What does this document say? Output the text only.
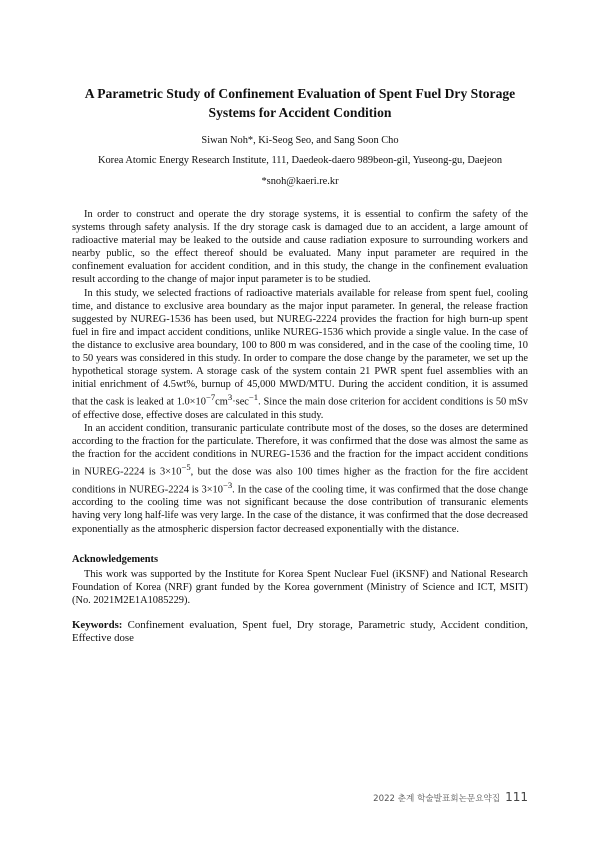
A Parametric Study of Confinement Evaluation of Spent Fuel Dry Storage Systems for Accident Condition
Siwan Noh*, Ki-Seog Seo, and Sang Soon Cho
Korea Atomic Energy Research Institute, 111, Daedeok-daero 989beon-gil, Yuseong-gu, Daejeon
*snoh@kaeri.re.kr

In order to construct and operate the dry storage systems, it is essential to confirm the safety of the systems through safety analysis. If the dry storage cask is damaged due to an accident, a large amount of radioactive material may be leaked to the outside and cause radiation exposure to surrounding workers and nearby public, so the effect thereof should be evaluated. Many input parameter are required in the confinement evaluation for accident condition, and in this study, the change in the confinement evaluation result according to the change of major input parameter is to be studied.

In this study, we selected fractions of radioactive materials available for release from spent fuel, cooling time, and distance to exclusive area boundary as the major input parameter. In general, the release fraction suggested by NUREG-1536 has been used, but NUREG-2224 provides the fraction for high burn-up spent fuel in fire and impact accident conditions, unlike NUREG-1536 which provide a single value. In the case of the distance to exclusive area boundary, 100 to 800 m was considered, and in the case of the cooling time, 10 to 50 years was considered in this study. In order to compare the dose change by the parameter, we set up the hypothetical storage system. A storage cask of the system contain 21 PWR spent fuel assemblies with an initial enrichment of 4.5wt%, burnup of 45,000 MWD/MTU. During the accident condition, it is assumed that the cask is leaked at $1.0\times 10^{-7}cm^3\cdot\sec^{-1}$. Since the main dose criterion for accident conditions is 50 mSv of effective dose, effective doses are calculated in this study.

In an accident condition, transuranic particulate contribute most of the doses, so the doses are determined according to the fraction for the particulate. Therefore, it was confirmed that the dose was almost the same as the fraction for the accident conditions in NUREG-1536 and the fraction for the impact accident conditions in NUREG-2224 is $3\times 10^{-5}$, but the dose was also 100 times higher as the fraction for the fire accident conditions in NUREG-2224 is $3\times 10^{-3}$. In the case of the cooling time, it was confirmed that the dose change according to the cooling time was not significant because the dose contribution of transuranic elements having very long half-life was very large. In the case of the distance, it was confirmed that the dose decreased exponentially as the atmospheric dispersion factor decreased exponentially with the distance.

Acknowledgements
This work was supported by the Institute for Korea Spent Nuclear Fuel (iKSNF) and National Research Foundation of Korea (NRF) grant funded by the Korea government (Ministry of Science and ICT, MSIT) (No. 2021M2E1A1085229).
Keywords: Confinement evaluation, Spent fuel, Dry storage, Parametric study, Accident condition, Effective dose
2022 춘계 학술발표회논문요약집 111
